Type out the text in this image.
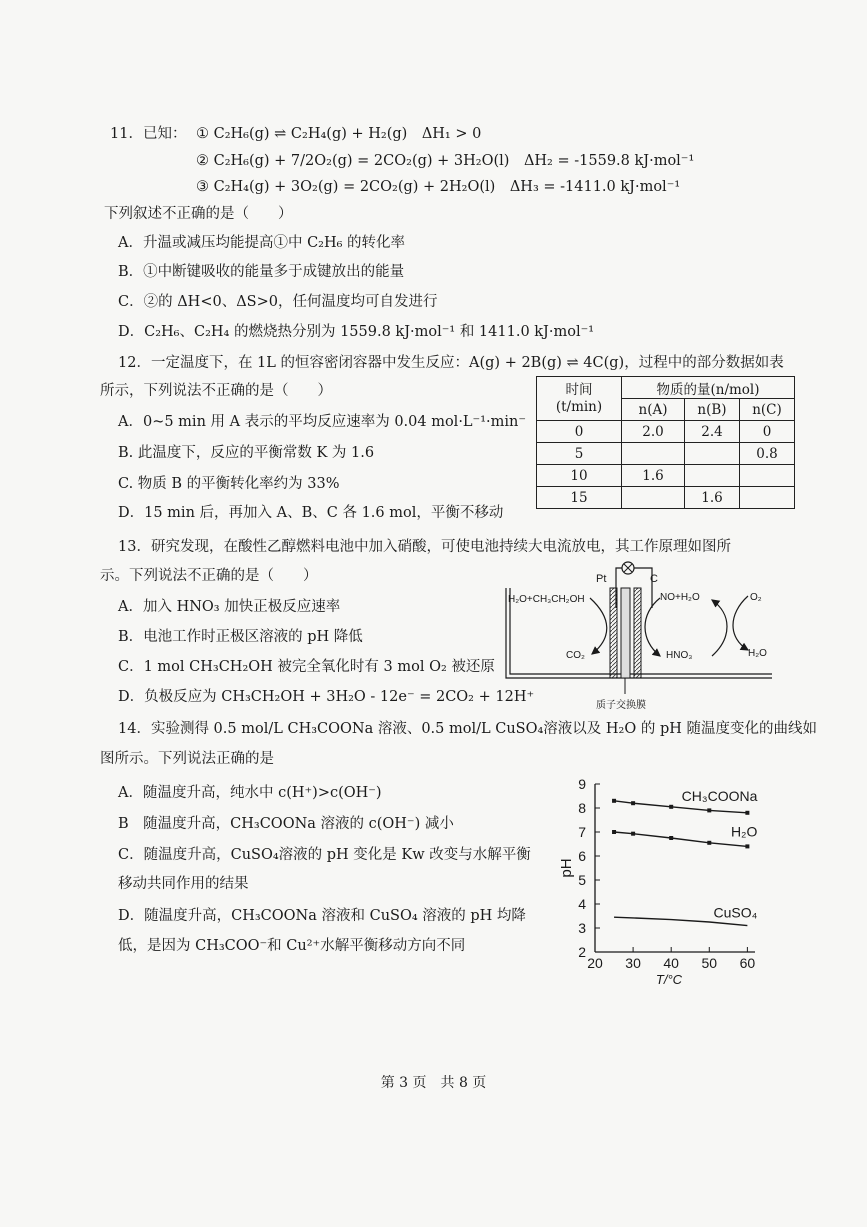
11．已知： ① C₂H₆(g) ⇌ C₂H₄(g) + H₂(g)　ΔH₁ > 0
② C₂H₆(g) + 7/2O₂(g) = 2CO₂(g) + 3H₂O(l)　ΔH₂ = -1559.8 kJ·mol⁻¹
③ C₂H₄(g) + 3O₂(g) = 2CO₂(g) + 2H₂O(l)　ΔH₃ = -1411.0 kJ·mol⁻¹
下列叙述不正确的是（　　）
A．升温或减压均能提高①中 C₂H₆ 的转化率
B．①中断键吸收的能量多于成键放出的能量
C．②的 ΔH<0、ΔS>0，任何温度均可自发进行
D．C₂H₆、C₂H₄ 的燃烧热分别为 1559.8 kJ·mol⁻¹ 和 1411.0 kJ·mol⁻¹
12．一定温度下，在 1L 的恒容密闭容器中发生反应：A(g) + 2B(g) ⇌ 4C(g)，过程中的部分数据如表
所示，下列说法不正确的是（　　）
A．0~5 min 用 A 表示的平均反应速率为 0.04 mol·L⁻¹·min⁻
B. 此温度下，反应的平衡常数 K 为 1.6
C. 物质 B 的平衡转化率约为 33%
D．15 min 后，再加入 A、B、C 各 1.6 mol，平衡不移动
时间
(t/min)	物质的量(n/mol)		
	n(A)	n(B)	n(C)
0	2.0	2.4	0
5			0.8
10	1.6		
15		1.6	
13．研究发现，在酸性乙醇燃料电池中加入硝酸，可使电池持续大电流放电，其工作原理如图所
示。下列说法不正确的是（　　）
A．加入 HNO₃ 加快正极反应速率
B．电池工作时正极区溶液的 pH 降低
C．1 mol CH₃CH₂OH 被完全氧化时有 3 mol O₂ 被还原
D．负极反应为 CH₃CH₂OH + 3H₂O - 12e⁻ = 2CO₂ + 12H⁺
Pt	C
H₂O+CH₃CH₂OH
CO₂
NO+H₂O
HNO₃
O₂
H₂O
质子交换膜
14．实验测得 0.5 mol/L CH₃COONa 溶液、0.5 mol/L CuSO₄溶液以及 H₂O 的 pH 随温度变化的曲线如
图所示。下列说法正确的是
A．随温度升高，纯水中 c(H⁺)>c(OH⁻)
B　随温度升高，CH₃COONa 溶液的 c(OH⁻) 减小
C．随温度升高，CuSO₄溶液的 pH 变化是 Kw 改变与水解平衡
移动共同作用的结果
D．随温度升高，CH₃COONa 溶液和 CuSO₄ 溶液的 pH 均降
低，是因为 CH₃COO⁻和 Cu²⁺水解平衡移动方向不同	2
3
4
5
6
7
8
9
20 30 40 50 60
pH
T/°C
CH₃COONa
H₂O
CuSO₄
第 3 页　共 8 页
